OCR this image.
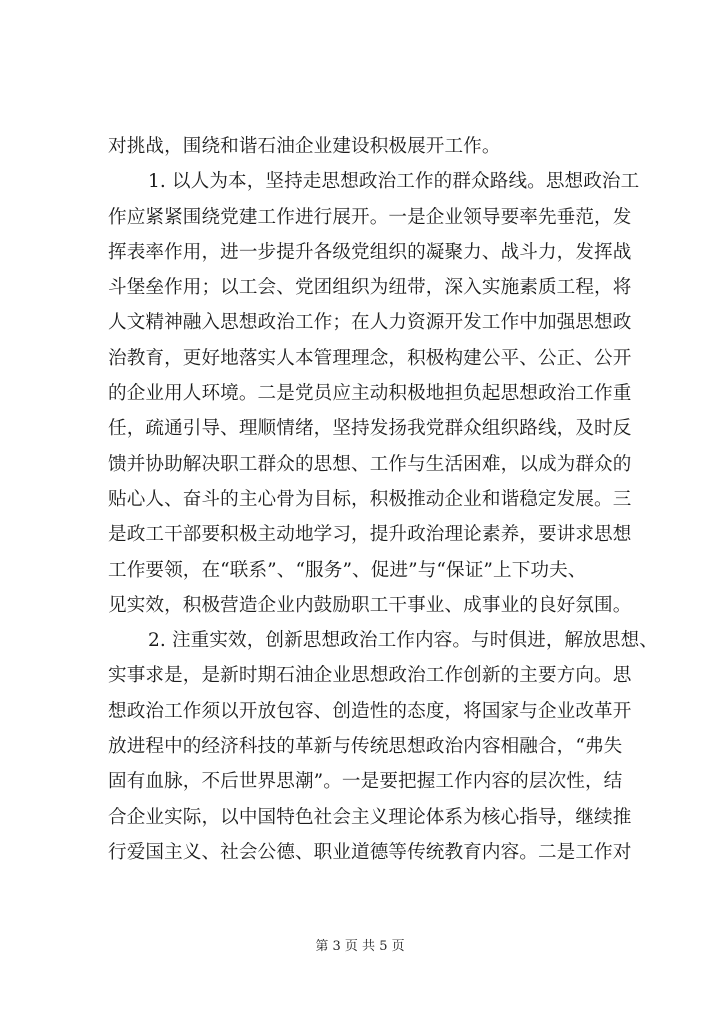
对挑战，围绕和谐石油企业建设积极展开工作。
1. 以人为本，坚持走思想政治工作的群众路线。思想政治工
作应紧紧围绕党建工作进行展开。一是企业领导要率先垂范，发
挥表率作用，进一步提升各级党组织的凝聚力、战斗力，发挥战
斗堡垒作用；以工会、党团组织为纽带，深入实施素质工程，将
人文精神融入思想政治工作；在人力资源开发工作中加强思想政
治教育，更好地落实人本管理理念，积极构建公平、公正、公开
的企业用人环境。二是党员应主动积极地担负起思想政治工作重
任，疏通引导、理顺情绪，坚持发扬我党群众组织路线，及时反
馈并协助解决职工群众的思想、工作与生活困难，以成为群众的
贴心人、奋斗的主心骨为目标，积极推动企业和谐稳定发展。三
是政工干部要积极主动地学习，提升政治理论素养，要讲求思想
工作要领，在“联系”、“服务”、促进”与“保证”上下功夫、
见实效，积极营造企业内鼓励职工干事业、成事业的良好氛围。
2. 注重实效，创新思想政治工作内容。与时俱进，解放思想、
实事求是，是新时期石油企业思想政治工作创新的主要方向。思
想政治工作须以开放包容、创造性的态度，将国家与企业改革开
放进程中的经济科技的革新与传统思想政治内容相融合，“弗失
固有血脉，不后世界思潮”。一是要把握工作内容的层次性，结
合企业实际，以中国特色社会主义理论体系为核心指导，继续推
行爱国主义、社会公德、职业道德等传统教育内容。二是工作对
第 3 页 共 5 页
